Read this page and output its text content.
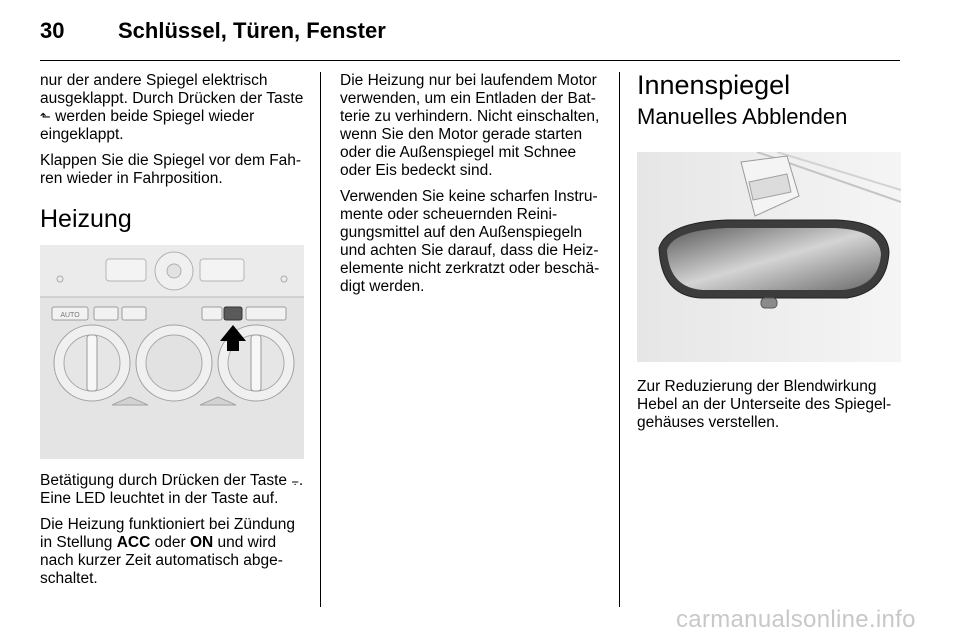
30 Schlüssel, Türen, Fenster

nur der andere Spiegel elektrisch ausgeklappt. Durch Drücken der Taste ⬑ werden beide Spiegel wieder eingeklappt.

Klappen Sie die Spiegel vor dem Fahren wieder in Fahrposition.

Heizung
AUTO

Betätigung durch Drücken der Taste ⨪. Eine LED leuchtet in der Taste auf.

Die Heizung funktioniert bei Zündung in Stellung ACC oder ON und wird nach kurzer Zeit automatisch abgeschaltet.

Die Heizung nur bei laufendem Motor verwenden, um ein Entladen der Batterie zu verhindern. Nicht einschalten, wenn Sie den Motor gerade starten oder die Außenspiegel mit Schnee oder Eis bedeckt sind.

Verwenden Sie keine scharfen Instrumente oder scheuernden Reinigungsmittel auf den Außenspiegeln und achten Sie darauf, dass die Heizelemente nicht zerkratzt oder beschädigt werden.

Innenspiegel
Manuelles Abblenden

Zur Reduzierung der Blendwirkung Hebel an der Unterseite des Spiegelgehäuses verstellen.

carmanualsonline.info
